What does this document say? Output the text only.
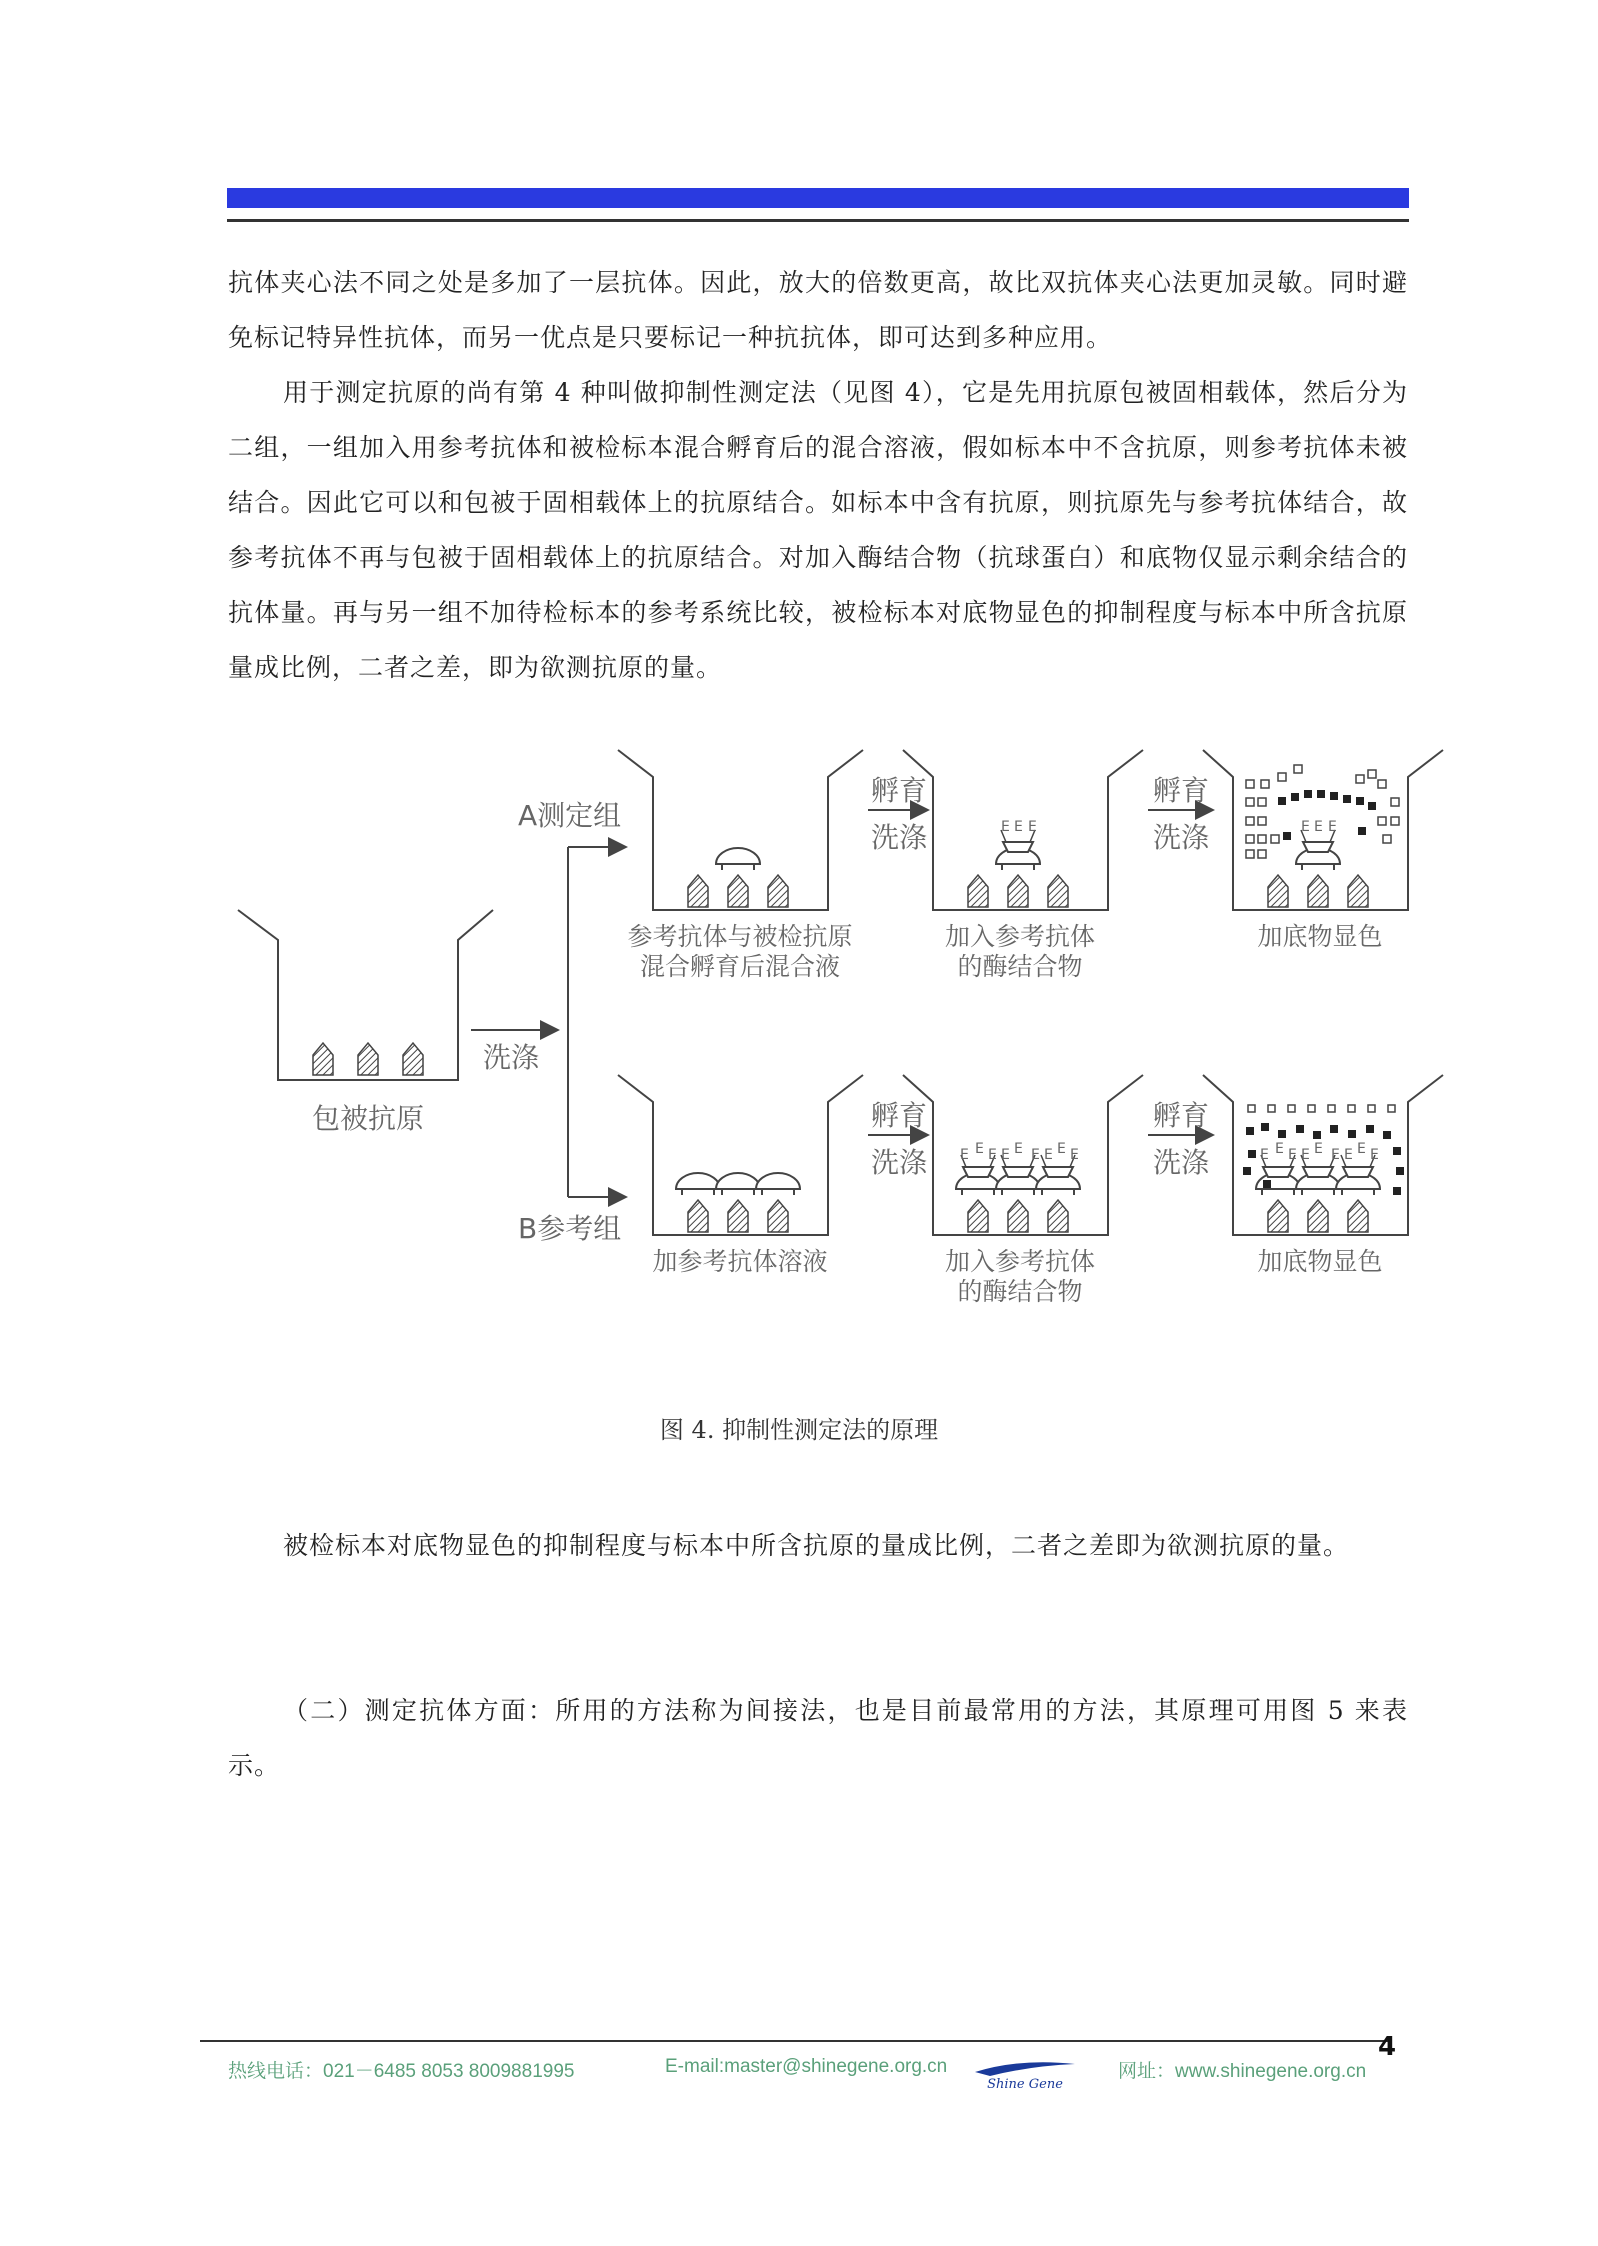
抗体夹心法不同之处是多加了一层抗体。因此，放大的倍数更高，故比双抗体夹心法更加灵敏。同时避免标记特异性抗体，而另一优点是只要标记一种抗抗体，即可达到多种应用。

用于测定抗原的尚有第 4 种叫做抑制性测定法（见图 4），它是先用抗原包被固相载体，然后分为二组，一组加入用参考抗体和被检标本混合孵育后的混合溶液，假如标本中不含抗原，则参考抗体未被结合。因此它可以和包被于固相载体上的抗原结合。如标本中含有抗原，则抗原先与参考抗体结合，故参考抗体不再与包被于固相载体上的抗原结合。对加入酶结合物（抗球蛋白）和底物仅显示剩余结合的抗体量。再与另一组不加待检标本的参考系统比较，被检标本对底物显色的抑制程度与标本中所含抗原量成比例，二者之差，即为欲测抗原的量。

包被抗原
洗涤
A测定组
B参考组
E E E	E E E
孵育
洗涤
孵育
洗涤
参考抗体与被检抗原
混合孵育后混合液
加入参考抗体
的酶结合物
加底物显色
E E E E E E E E E	E E E E E E E E E
孵育
洗涤
孵育
洗涤
加参考抗体溶液	加入参考抗体
的酶结合物
加底物显色
图 4. 抑制性测定法的原理

被检标本对底物显色的抑制程度与标本中所含抗原的量成比例，二者之差即为欲测抗原的量。

（二）测定抗体方面：所用的方法称为间接法，也是目前最常用的方法，其原理可用图 5 来表示。

4
热线电话：021－6485 8053 8009881995	E-mail:master@shinegene.org.cn
Shine Gene
网址：www.shinegene.org.cn
